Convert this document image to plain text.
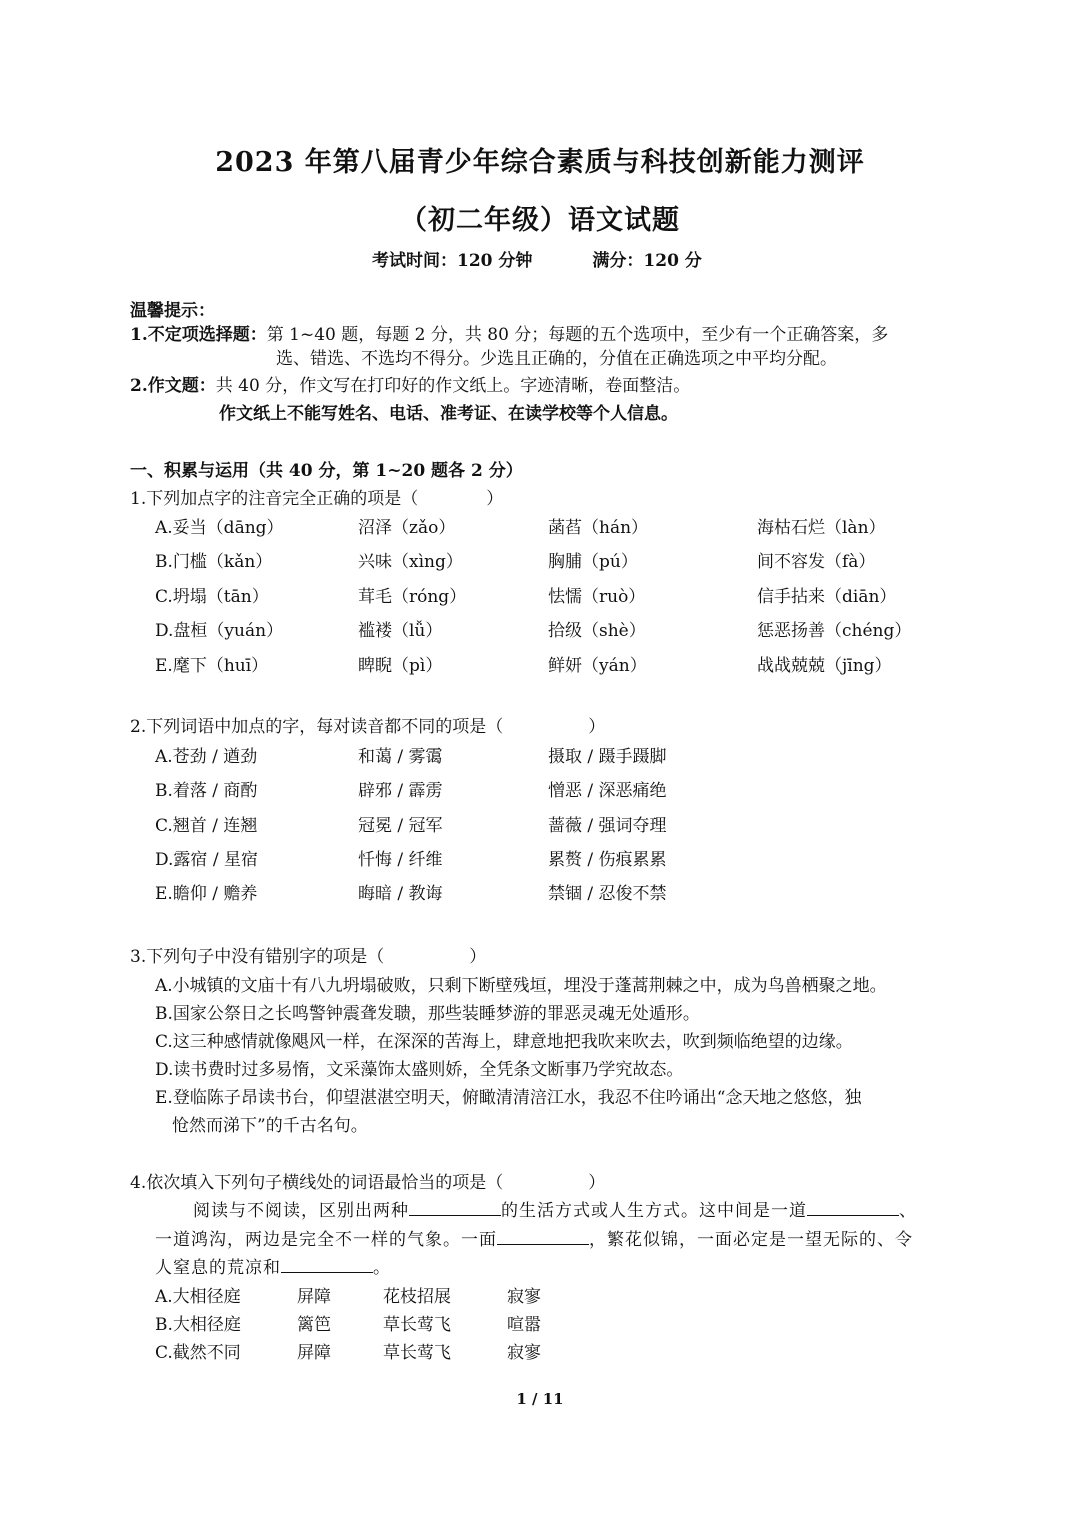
2023 年第八届青少年综合素质与科技创新能力测评
（初二年级）语文试题
考试时间：120 分钟	满分：120 分
温馨提示：
1.不定项选择题：第 1~40 题，每题 2 分，共 80 分；每题的五个选项中，至少有一个正确答案，多
选、错选、不选均不得分。少选且正确的，分值在正确选项之中平均分配。
2.作文题：共 40 分，作文写在打印好的作文纸上。字迹清晰，卷面整洁。
作文纸上不能写姓名、电话、准考证、在读学校等个人信息。
一、积累与运用（共 40 分，第 1~20 题各 2 分）
1.下列加点字的注音完全正确的项是（　　　　）
A.妥当（dāng）	沼泽（zǎo）	菡萏（hán）	海枯石烂（làn）
B.门槛（kǎn）	兴味（xìng）	胸脯（pú）	间不容发（fà）
C.坍塌（tān）	茸毛（róng）	怯懦（ruò）	信手拈来（diān）
D.盘桓（yuán）	褴褛（lǚ）	拾级（shè）	惩恶扬善（chéng）
E.麾下（huī）	睥睨（pì）	鲜妍（yán）	战战兢兢（jīng）
2.下列词语中加点的字，每对读音都不同的项是（　　　　　）
A.苍劲 / 遒劲	和蔼 / 雾霭	摄取 / 蹑手蹑脚
B.着落 / 商酌	辟邪 / 霹雳	憎恶 / 深恶痛绝
C.翘首 / 连翘	冠冕 / 冠军	蔷薇 / 强词夺理
D.露宿 / 星宿	忏悔 / 纤维	累赘 / 伤痕累累
E.瞻仰 / 赡养	晦暗 / 教诲	禁锢 / 忍俊不禁
3.下列句子中没有错别字的项是（　　　　　）
A.小城镇的文庙十有八九坍塌破败，只剩下断壁残垣，埋没于蓬蒿荆棘之中，成为鸟兽栖聚之地。
B.国家公祭日之长鸣警钟震聋发聩，那些装睡梦游的罪恶灵魂无处遁形。
C.这三种感情就像飓风一样，在深深的苦海上，肆意地把我吹来吹去，吹到频临绝望的边缘。
D.读书费时过多易惰，文采藻饰太盛则娇，全凭条文断事乃学究故态。
E.登临陈子昂读书台，仰望湛湛空明天，俯瞰清清涪江水，我忍不住吟诵出“念天地之悠悠，独
怆然而涕下”的千古名句。
4.依次填入下列句子横线处的词语最恰当的项是（　　　　　）
阅读与不阅读，区别出两种	的生活方式或人生方式。这中间是一道	、
一道鸿沟，两边是完全不一样的气象。一面	，繁花似锦，一面必定是一望无际的、令
人窒息的荒凉和	。
A.大相径庭	屏障	花枝招展	寂寥
B.大相径庭	篱笆	草长莺飞	喧嚣
C.截然不同	屏障	草长莺飞	寂寥
1 / 11
